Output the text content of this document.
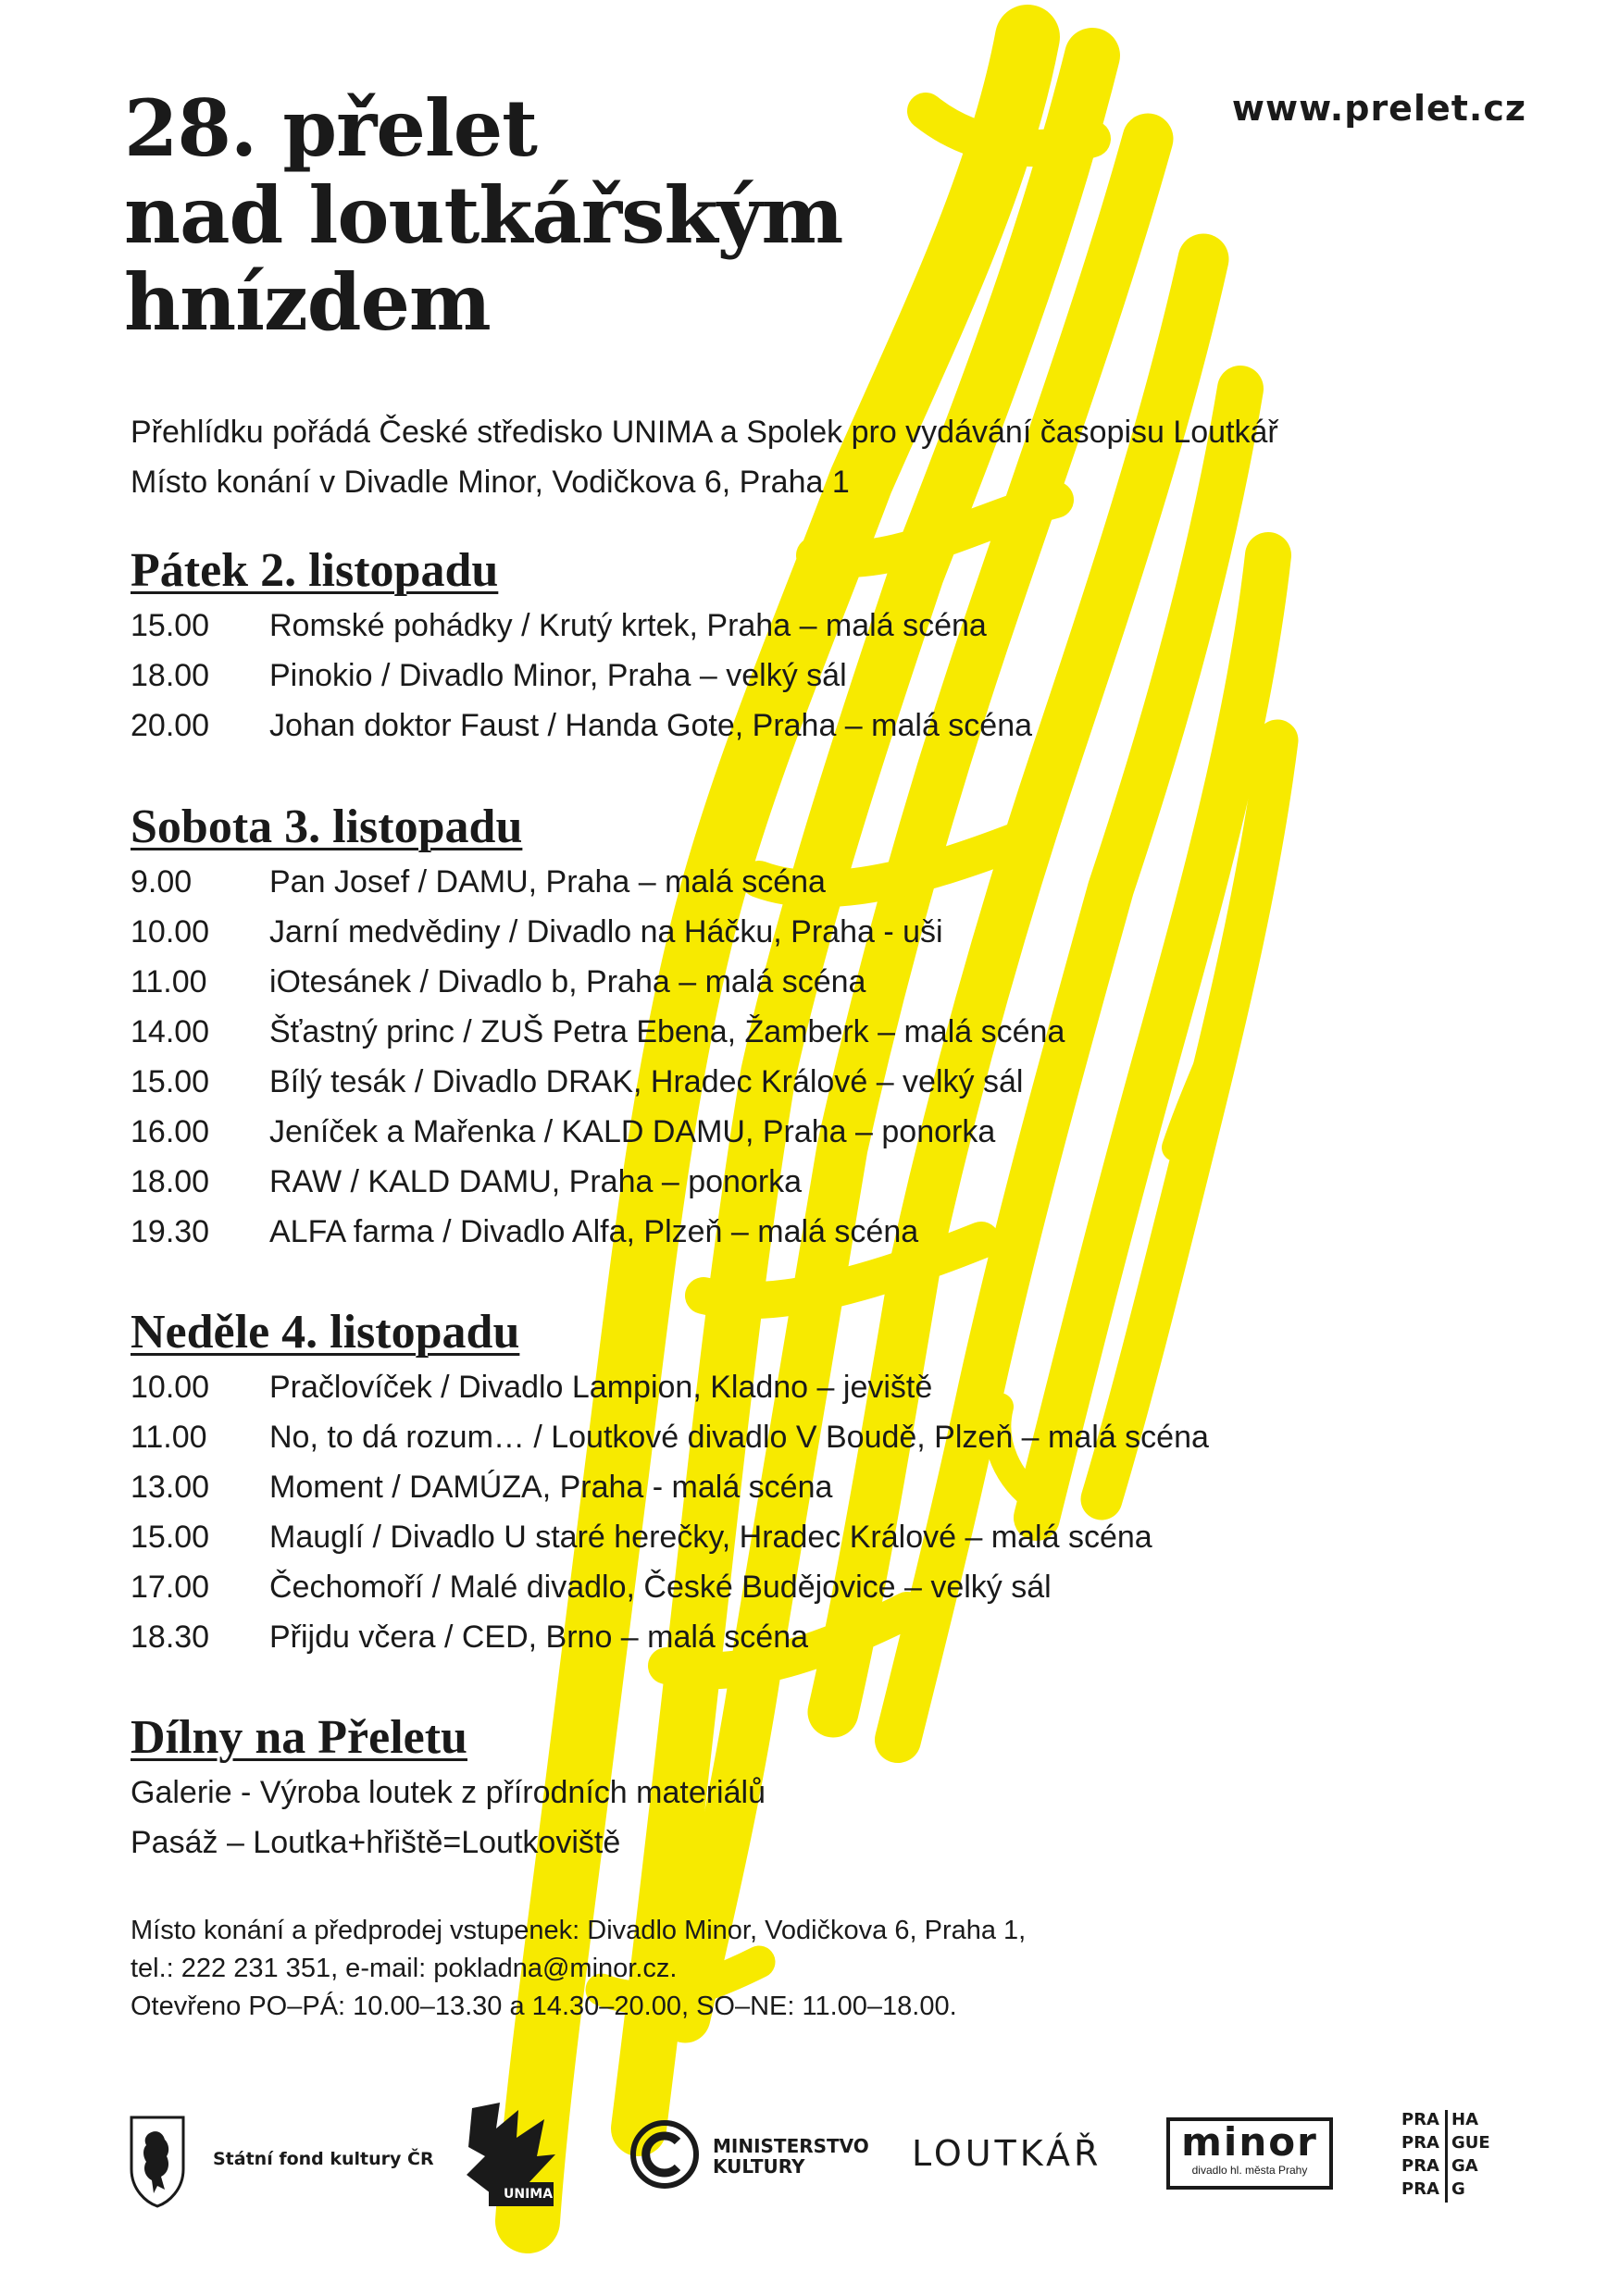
28. přelet
nad loutkářským
hnízdem
www.prelet.cz
Přehlídku pořádá České středisko UNIMA a Spolek pro vydávání časopisu Loutkář
Místo konání v Divadle Minor, Vodičkova 6, Praha 1
Pátek 2. listopadu
15.00	Romské pohádky / Krutý krtek, Praha – malá scéna
18.00	Pinokio / Divadlo Minor, Praha – velký sál
20.00	Johan doktor Faust / Handa Gote, Praha – malá scéna
Sobota 3. listopadu
9.00	Pan Josef / DAMU, Praha – malá scéna
10.00	Jarní medvědiny / Divadlo na Háčku, Praha - uši
11.00	iOtesánek / Divadlo b, Praha – malá scéna
14.00	Šťastný princ / ZUŠ Petra Ebena, Žamberk – malá scéna
15.00	Bílý tesák / Divadlo DRAK, Hradec Králové – velký sál
16.00	Jeníček a Mařenka / KALD DAMU, Praha – ponorka
18.00	RAW / KALD DAMU, Praha – ponorka
19.30	ALFA farma / Divadlo Alfa, Plzeň – malá scéna
Neděle 4. listopadu
10.00	Pračlovíček / Divadlo Lampion, Kladno – jeviště
11.00	No, to dá rozum… / Loutkové divadlo V Boudě, Plzeň – malá scéna
13.00	Moment / DAMÚZA, Praha - malá scéna
15.00	Mauglí / Divadlo U staré herečky, Hradec Králové – malá scéna
17.00	Čechomoří / Malé divadlo, České Budějovice – velký sál
18.30	Přijdu včera / CED, Brno – malá scéna
Dílny na Přeletu
Galerie - Výroba loutek z přírodních materiálů
Pasáž – Loutka+hřiště=Loutkoviště
Místo konání a předprodej vstupenek: Divadlo Minor, Vodičkova 6, Praha 1,
tel.: 222 231 351, e-mail: pokladna@minor.cz.
Otevřeno PO–PÁ: 10.00–13.30 a 14.30–20.00, SO–NE: 11.00–18.00.
Státní fond kultury ČR
UNIMA
MINISTERSTVO
KULTURY	LOUTKÁŘ	minor
divadlo hl. města Prahy
PRA HA
PRA GUE
PRA GA
PRA G
